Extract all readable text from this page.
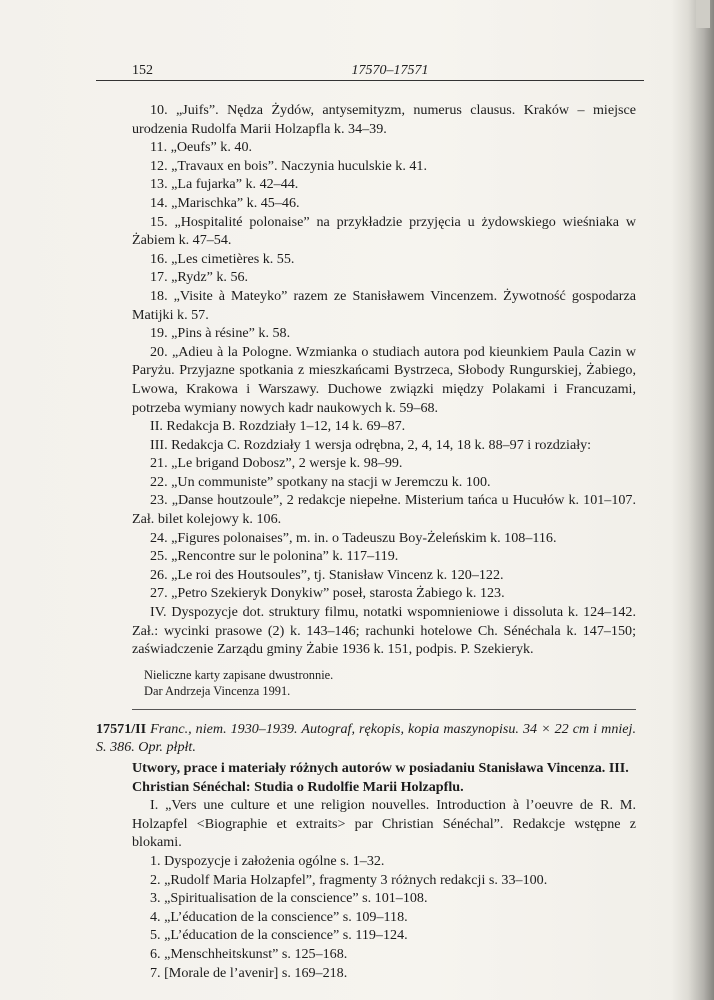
152	17570–17571

10. „Juifs”. Nędza Żydów, antysemityzm, numerus clausus. Kraków – miejsce urodzenia Rudolfa Marii Holzapfla k. 34–39.

11. „Oeufs” k. 40.

12. „Travaux en bois”. Naczynia huculskie k. 41.

13. „La fujarka” k. 42–44.

14. „Marischka” k. 45–46.

15. „Hospitalité polonaise” na przykładzie przyjęcia u żydowskiego wieśniaka w Żabiem k. 47–54.

16. „Les cimetières k. 55.

17. „Rydz” k. 56.

18. „Visite à Mateyko” razem ze Stanisławem Vincenzem. Żywotność gospodarza Matijki k. 57.

19. „Pins à résine” k. 58.

20. „Adieu à la Pologne. Wzmianka o studiach autora pod kieunkiem Paula Cazin w Paryżu. Przyjazne spotkania z mieszkańcami Bystrzeca, Słobody Rungurskiej, Żabiego, Lwowa, Krakowa i Warszawy. Duchowe związki między Polakami i Francuzami, potrzeba wymiany nowych kadr naukowych k. 59–68.

II. Redakcja B. Rozdziały 1–12, 14 k. 69–87.

III. Redakcja C. Rozdziały 1 wersja odrębna, 2, 4, 14, 18 k. 88–97 i rozdziały:

21. „Le brigand Dobosz”, 2 wersje k. 98–99.

22. „Un communiste” spotkany na stacji w Jeremczu k. 100.

23. „Danse houtzoule”, 2 redakcje niepełne. Misterium tańca u Hucułów k. 101–107. Zał. bilet kolejowy k. 106.

24. „Figures polonaises”, m. in. o Tadeuszu Boy-Żeleńskim k. 108–116.

25. „Rencontre sur le polonina” k. 117–119.

26. „Le roi des Houtsoules”, tj. Stanisław Vincenz k. 120–122.

27. „Petro Szekieryk Donykiw” poseł, starosta Żabiego k. 123.

IV. Dyspozycje dot. struktury filmu, notatki wspomnieniowe i dissoluta k. 124–142. Zał.: wycinki prasowe (2) k. 143–146; rachunki hotelowe Ch. Sénéchala k. 147–150; zaświadczenie Zarządu gminy Żabie 1936 k. 151, podpis. P. Szekieryk.

Nieliczne karty zapisane dwustronnie.
Dar Andrzeja Vincenza 1991.

17571/II Franc., niem. 1930–1939. Autograf, rękopis, kopia maszynopisu. 34 × 22 cm i mniej. S. 386. Opr. płpłt.

Utwory, prace i materiały różnych autorów w posiadaniu Stanisława Vincenza. III.

Christian Sénéchal: Studia o Rudolfie Marii Holzapflu.

I. „Vers une culture et une religion nouvelles. Introduction à l’oeuvre de R. M. Holzapfel <Biographie et extraits> par Christian Sénéchal”. Redakcje wstępne z blokami.

1. Dyspozycje i założenia ogólne s. 1–32.

2. „Rudolf Maria Holzapfel”, fragmenty 3 różnych redakcji s. 33–100.

3. „Spiritualisation de la conscience” s. 101–108.

4. „L’éducation de la conscience” s. 109–118.

5. „L’éducation de la conscience” s. 119–124.

6. „Menschheitskunst” s. 125–168.

7. [Morale de l’avenir] s. 169–218.
